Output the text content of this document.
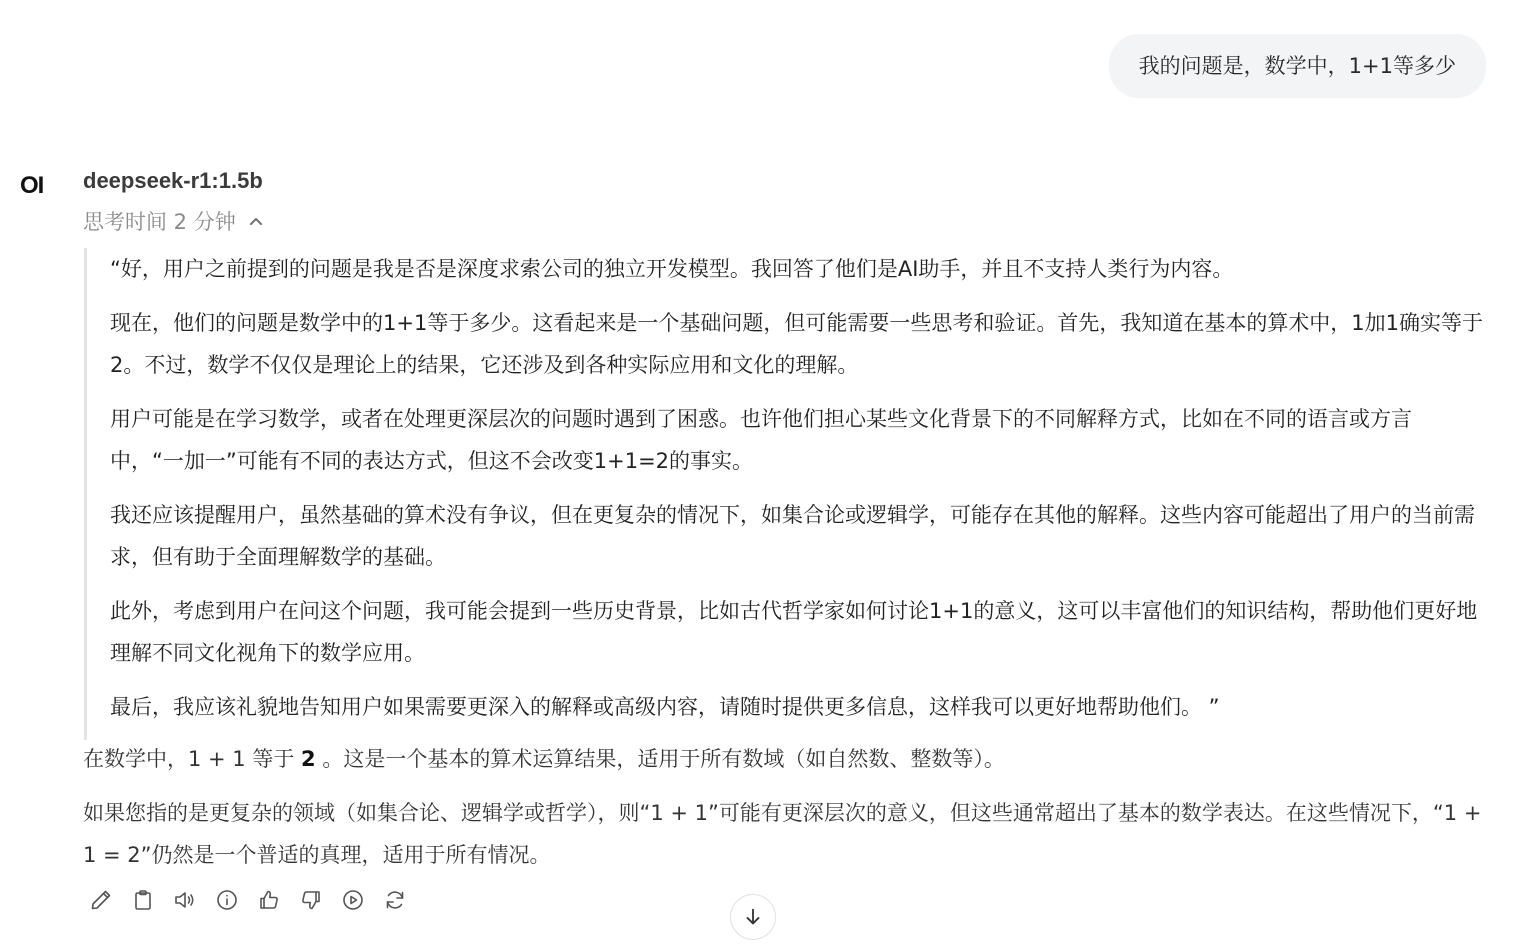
我的问题是，数学中，1+1等多少
OI deepseek-r1:1.5b
思考时间 2 分钟

“好，用户之前提到的问题是我是否是深度求索公司的独立开发模型。我回答了他们是AI助手，并且不支持人类行为内容。

现在，他们的问题是数学中的1+1等于多少。这看起来是一个基础问题，但可能需要一些思考和验证。首先，我知道在基本的算术中，1加1确实等于2。不过，数学不仅仅是理论上的结果，它还涉及到各种实际应用和文化的理解。

用户可能是在学习数学，或者在处理更深层次的问题时遇到了困惑。也许他们担心某些文化背景下的不同解释方式，比如在不同的语言或方言中，“一加一”可能有不同的表达方式，但这不会改变1+1=2的事实。

我还应该提醒用户，虽然基础的算术没有争议，但在更复杂的情况下，如集合论或逻辑学，可能存在其他的解释。这些内容可能超出了用户的当前需求，但有助于全面理解数学的基础。

此外，考虑到用户在问这个问题，我可能会提到一些历史背景，比如古代哲学家如何讨论1+1的意义，这可以丰富他们的知识结构，帮助他们更好地理解不同文化视角下的数学应用。

最后，我应该礼貌地告知用户如果需要更深入的解释或高级内容，请随时提供更多信息，这样我可以更好地帮助他们。 ”

在数学中，1 + 1 等于 2 。这是一个基本的算术运算结果，适用于所有数域（如自然数、整数等）。

如果您指的是更复杂的领域（如集合论、逻辑学或哲学），则“1 + 1”可能有更深层次的意义，但这些通常超出了基本的数学表达。在这些情况下，“1 + 1 = 2”仍然是一个普适的真理，适用于所有情况。
